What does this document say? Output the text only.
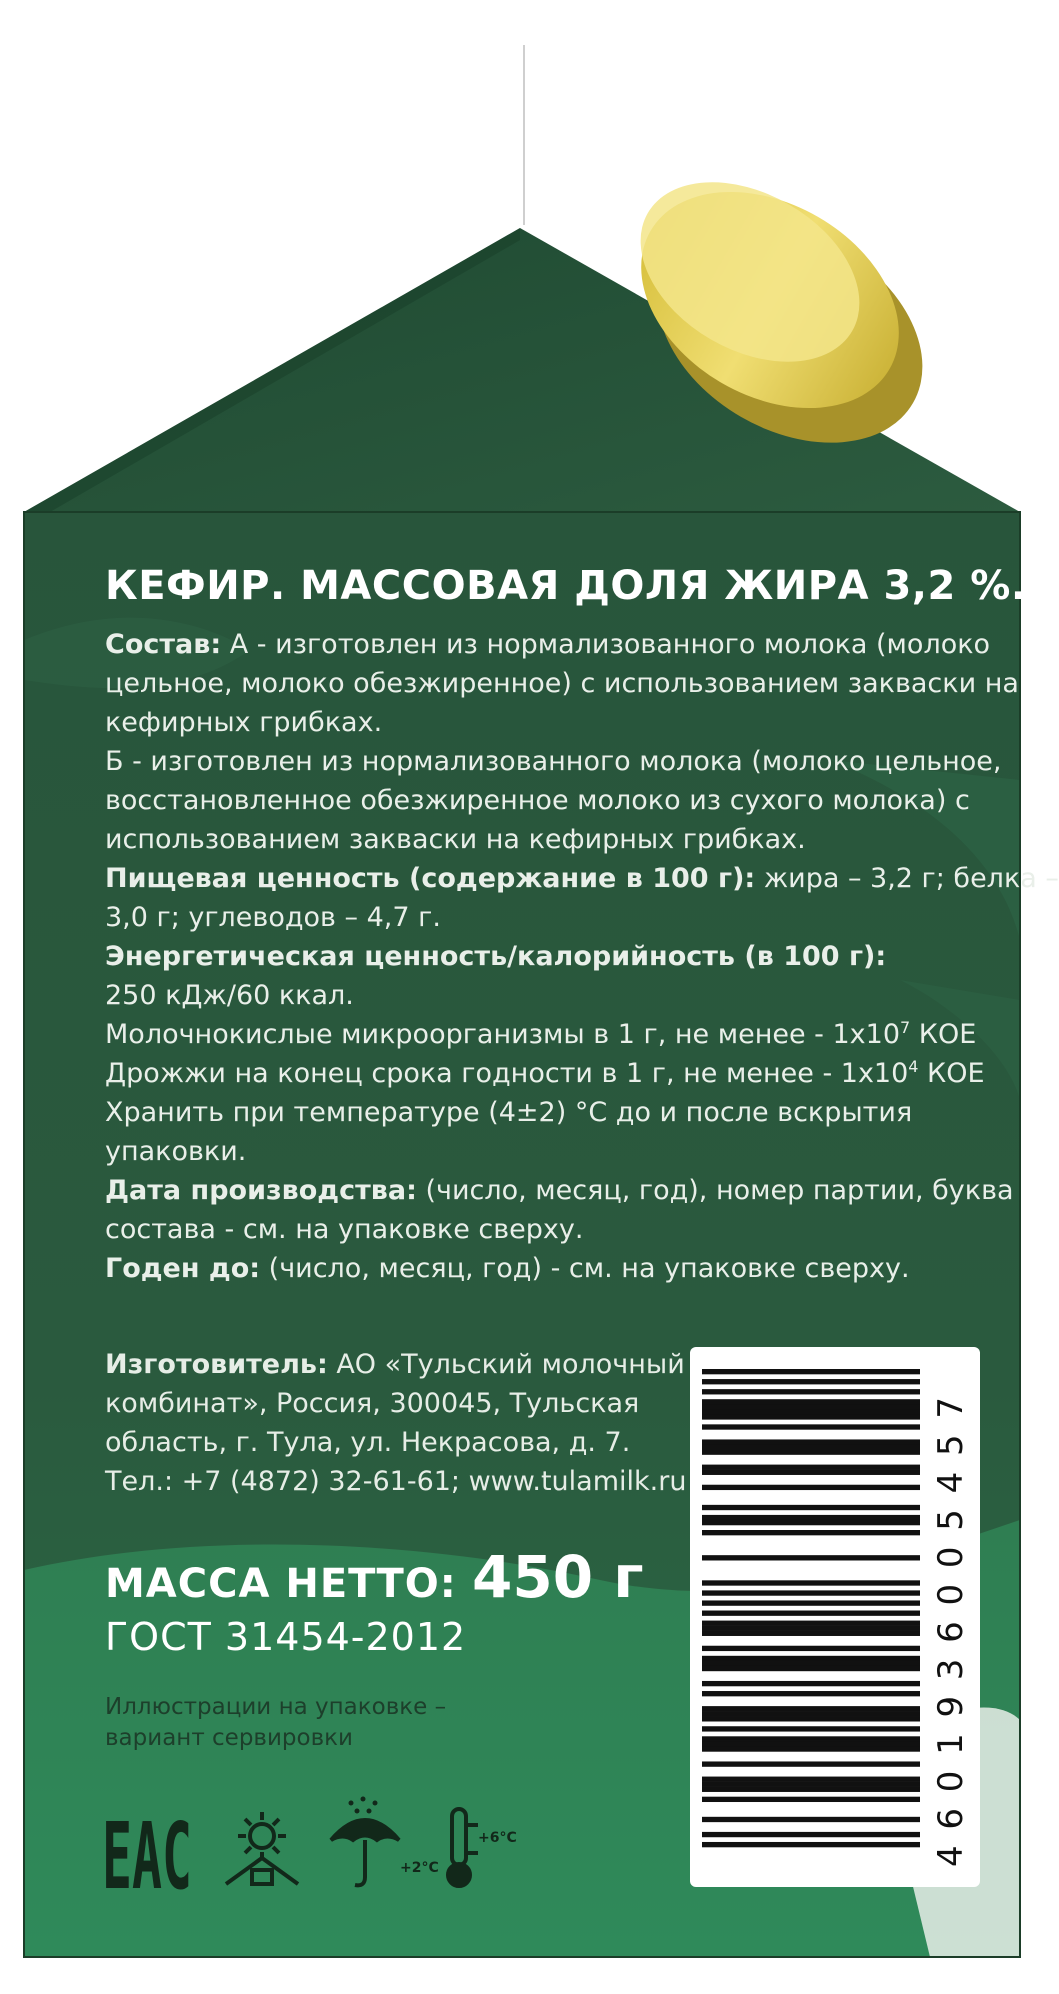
КЕФИР. МАССОВАЯ ДОЛЯ ЖИРА 3,2 %.
Состав: А - изготовлен из нормализованного молока (молоко
цельное, молоко обезжиренное) с использованием закваски на
кефирных грибках.
Б - изготовлен из нормализованного молока (молоко цельное,
восстановленное обезжиренное молоко из сухого молока) с
использованием закваски на кефирных грибках.
Пищевая ценность (содержание в 100 г): жира – 3,2 г; белка –
3,0 г; углеводов – 4,7 г.
Энергетическая ценность/калорийность (в 100 г):
250 кДж/60 ккал.
Молочнокислые микроорганизмы в 1 г, не менее - $1x10^7$ КОЕ
Дрожжи на конец срока годности в 1 г, не менее - $1x10^4$ КОЕ
Хранить при температуре (4±2) °С до и после вскрытия
упаковки.
Дата производства: (число, месяц, год), номер партии, буква
состава - см. на упаковке сверху.
Годен до: (число, месяц, год) - см. на упаковке сверху.
Изготовитель: АО «Тульский молочный
комбинат», Россия, 300045, Тульская
область, г. Тула, ул. Некрасова, д. 7.
Тел.: +7 (4872) 32-61-61; www.tulamilk.ru
МАССА НЕТТО: 450 г
ГОСТ 31454-2012
Иллюстрации на упаковке –
вариант сервировки
EAC	+2°C
+6°C
4601936005457
